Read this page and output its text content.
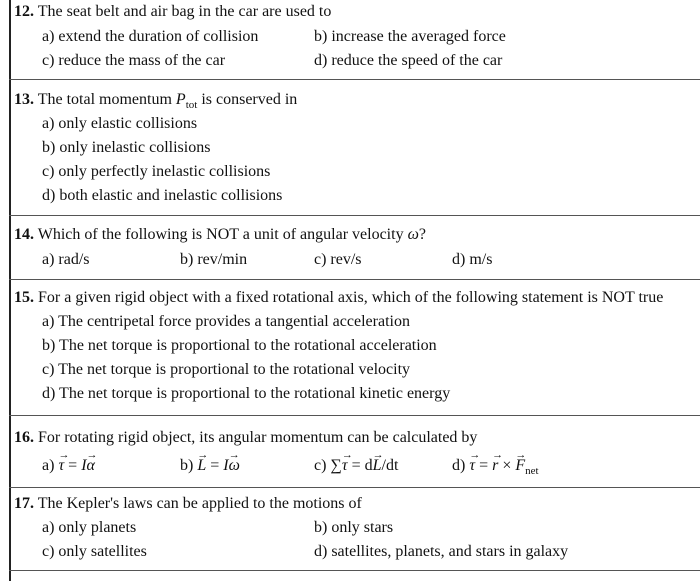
12. The seat belt and air bag in the car are used to
a) extend the duration of collision	b) increase the averaged force
c) reduce the mass of the car	d) reduce the speed of the car
13. The total momentum $P_{tot}$ is conserved in
a) only elastic collisions
b) only inelastic collisions
c) only perfectly inelastic collisions
d) both elastic and inelastic collisions
14. Which of the following is NOT a unit of angular velocity ω?
a) rad/s	b) rev/min	c) rev/s	d) m/s
15. For a given rigid object with a fixed rotational axis, which of the following statement is NOT true
a) The centripetal force provides a tangential acceleration
b) The net torque is proportional to the rotational acceleration
c) The net torque is proportional to the rotational velocity
d) The net torque is proportional to the rotational kinetic energy
16. For rotating rigid object, its angular momentum can be calculated by
a) → τ = I→ α	b) → L = I→ ω	c) ∑→ τ = d→ L/dt	d) → τ = → r × → $F_{net}$
17. The Kepler's laws can be applied to the motions of
a) only planets	b) only stars
c) only satellites	d) satellites, planets, and stars in galaxy
